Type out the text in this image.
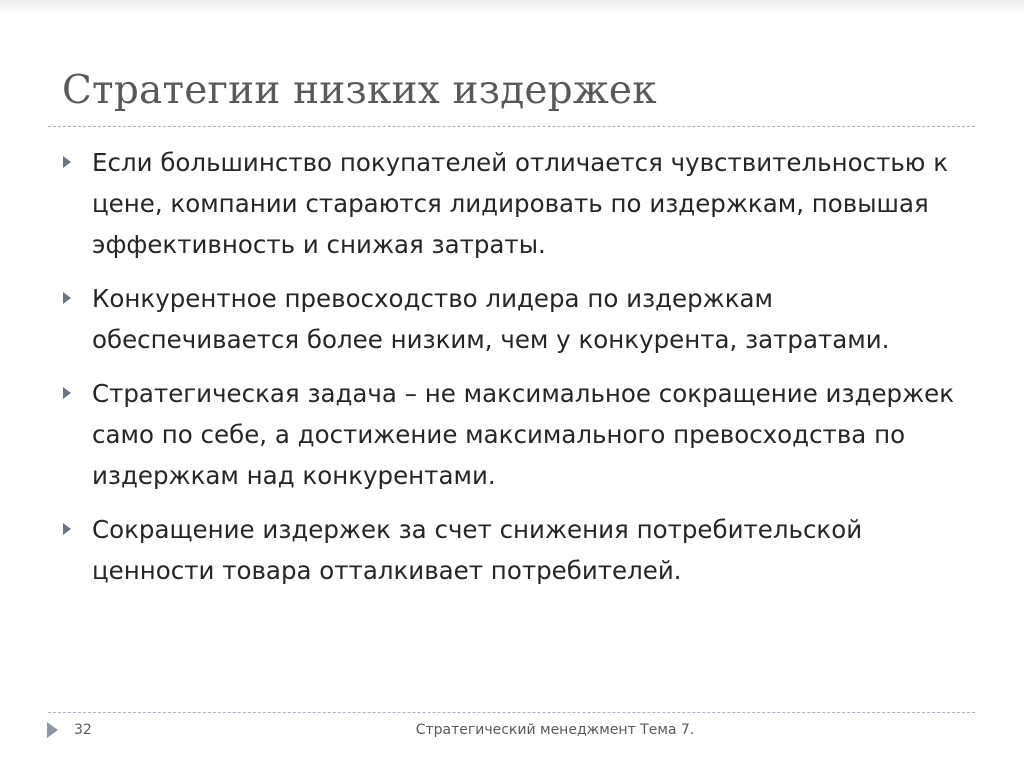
Стратегии низких издержек
Если большинство покупателей отличается чувствительностью к цене, компании стараются лидировать по издержкам, повышая эффективность и снижая затраты.
Конкурентное превосходство лидера по издержкам обеспечивается более низким, чем у конкурента, затратами.
Стратегическая задача – не максимальное сокращение издержек само по себе, а достижение максимального превосходства по издержкам над конкурентами.
Сокращение издержек за счет снижения потребительской ценности товара отталкивает потребителей.
32	Стратегический менеджмент Тема 7.
